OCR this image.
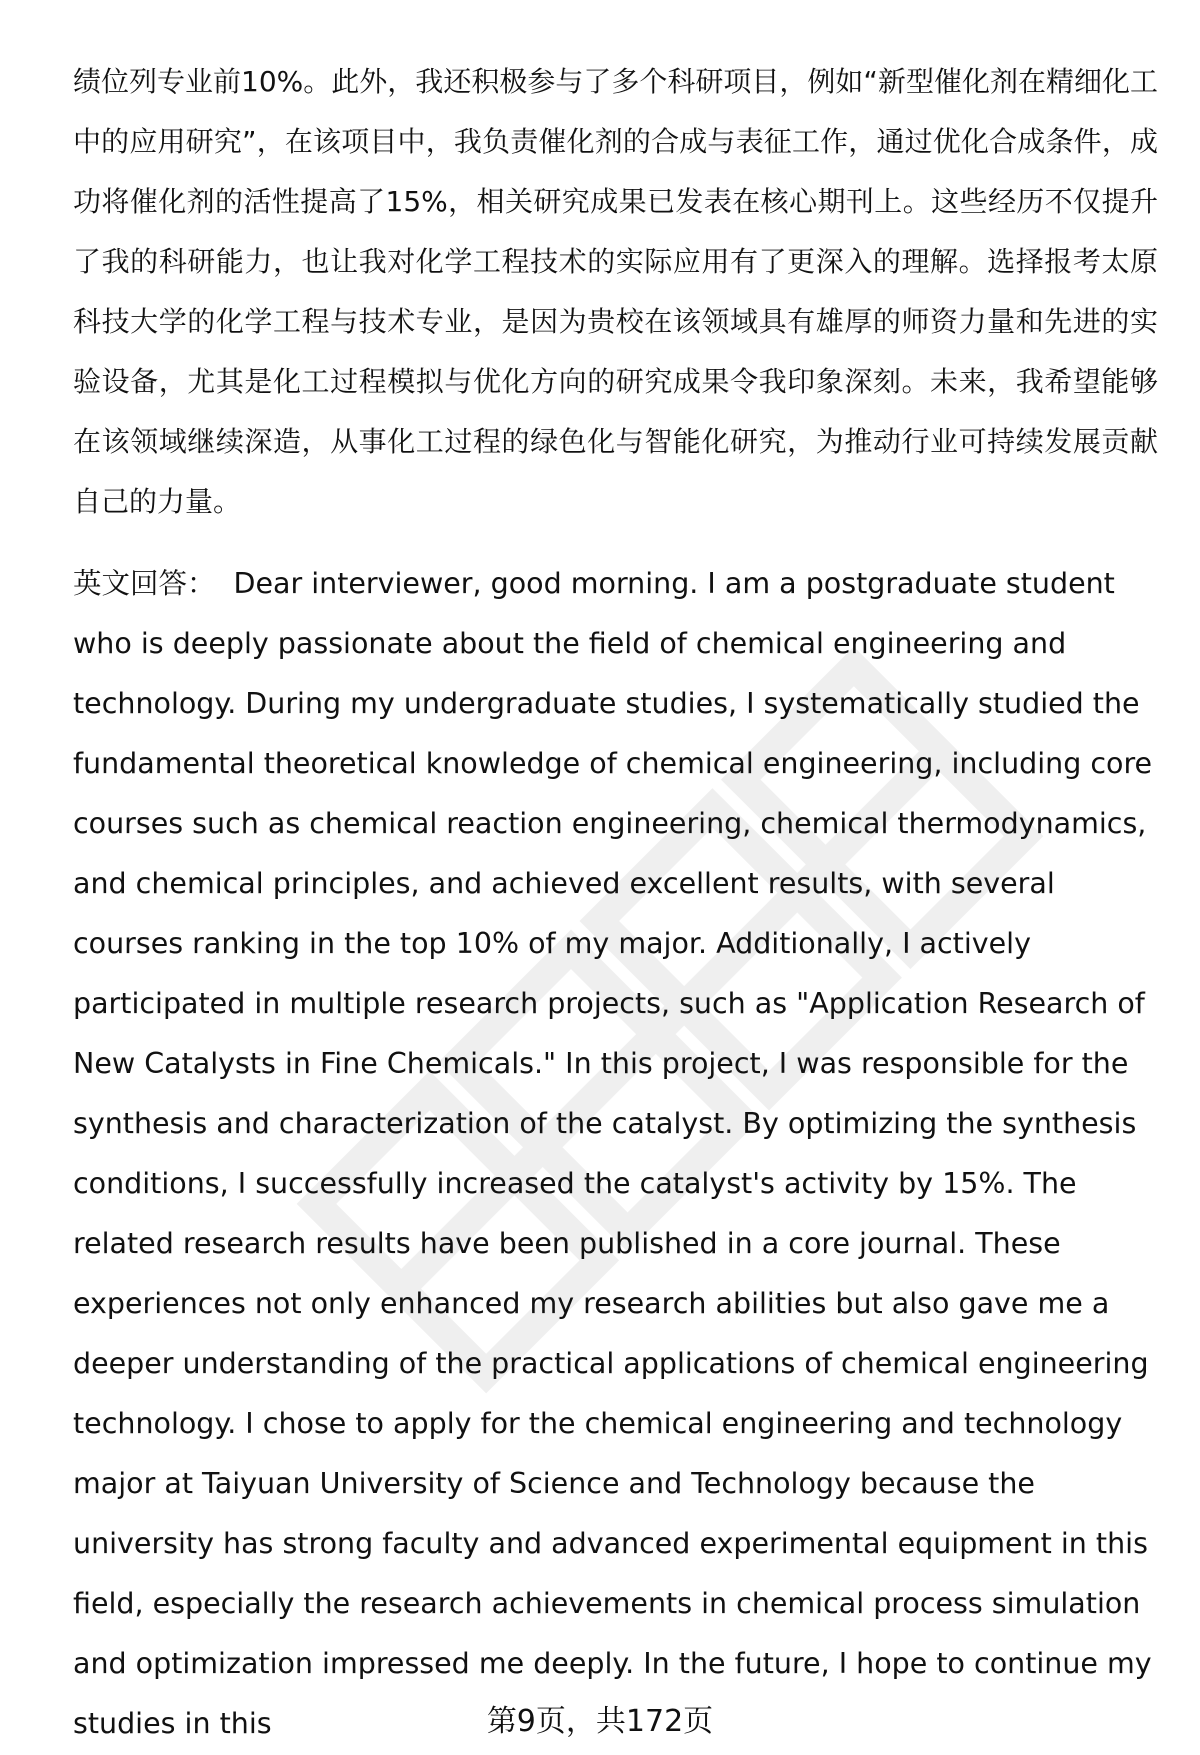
绩位列专业前10%。此外，我还积极参与了多个科研项目，例如“新型催化剂在精细化工中的应用研究”，在该项目中，我负责催化剂的合成与表征工作，通过优化合成条件，成功将催化剂的活性提高了15%，相关研究成果已发表在核心期刊上。这些经历不仅提升了我的科研能力，也让我对化学工程技术的实际应用有了更深入的理解。选择报考太原科技大学的化学工程与技术专业，是因为贵校在该领域具有雄厚的师资力量和先进的实验设备，尤其是化工过程模拟与优化方向的研究成果令我印象深刻。未来，我希望能够在该领域继续深造，从事化工过程的绿色化与智能化研究，为推动行业可持续发展贡献自己的力量。

英文回答： Dear interviewer, good morning. I am a postgraduate student who is deeply passionate about the field of chemical engineering and technology. During my undergraduate studies, I systematically studied the fundamental theoretical knowledge of chemical engineering, including core courses such as chemical reaction engineering, chemical thermodynamics, and chemical principles, and achieved excellent results, with several courses ranking in the top 10% of my major. Additionally, I actively participated in multiple research projects, such as "Application Research of New Catalysts in Fine Chemicals." In this project, I was responsible for the synthesis and characterization of the catalyst. By optimizing the synthesis conditions, I successfully increased the catalyst's activity by 15%. The related research results have been published in a core journal. These experiences not only enhanced my research abilities but also gave me a deeper understanding of the practical applications of chemical engineering technology. I chose to apply for the chemical engineering and technology major at Taiyuan University of Science and Technology because the university has strong faculty and advanced experimental equipment in this field, especially the research achievements in chemical process simulation and optimization impressed me deeply. In the future, I hope to continue my studies in this	第9页，共172页
